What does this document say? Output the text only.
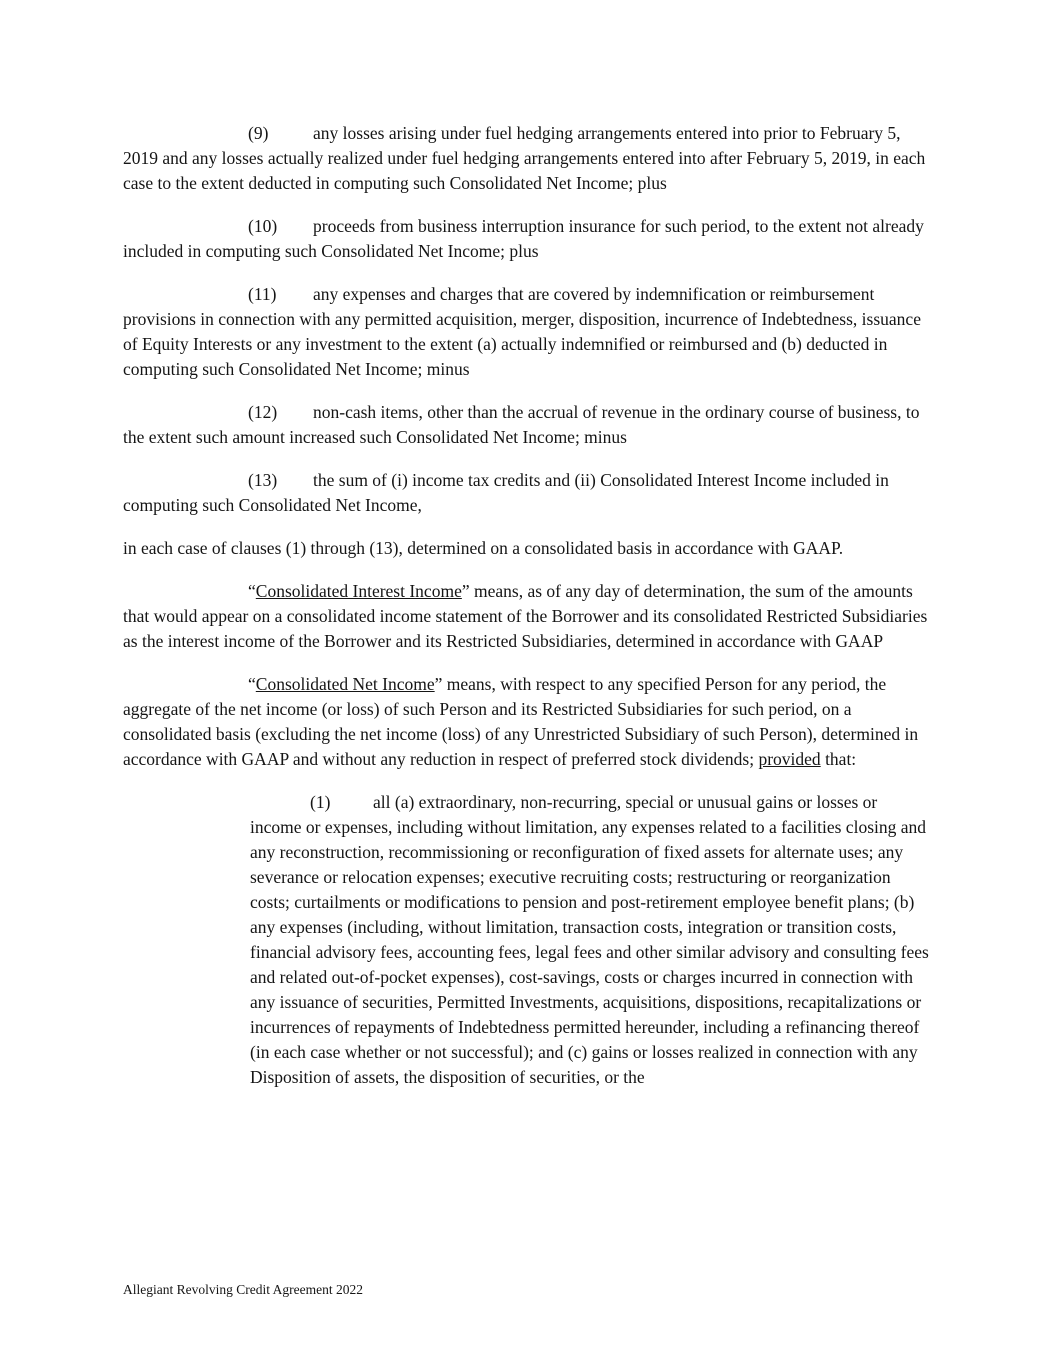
(9)	any losses arising under fuel hedging arrangements entered into prior to February 5, 2019 and any losses actually realized under fuel hedging arrangements entered into after February 5, 2019, in each case to the extent deducted in computing such Consolidated Net Income; plus

(10) proceeds from business interruption insurance for such period, to the extent not already included in computing such Consolidated Net Income; plus

(11) any expenses and charges that are covered by indemnification or reimbursement provisions in connection with any permitted acquisition, merger, disposition, incurrence of Indebtedness, issuance of Equity Interests or any investment to the extent (a) actually indemnified or reimbursed and (b) deducted in computing such Consolidated Net Income; minus

(12) non-cash items, other than the accrual of revenue in the ordinary course of business, to the extent such amount increased such Consolidated Net Income; minus

(13) the sum of (i) income tax credits and (ii) Consolidated Interest Income included in computing such Consolidated Net Income,

in each case of clauses (1) through (13), determined on a consolidated basis in accordance with GAAP.

“Consolidated Interest Income” means, as of any day of determination, the sum of the amounts that would appear on a consolidated income statement of the Borrower and its consolidated Restricted Subsidiaries as the interest income of the Borrower and its Restricted Subsidiaries, determined in accordance with GAAP

“Consolidated Net Income” means, with respect to any specified Person for any period, the aggregate of the net income (or loss) of such Person and its Restricted Subsidiaries for such period, on a consolidated basis (excluding the net income (loss) of any Unrestricted Subsidiary of such Person), determined in accordance with GAAP and without any reduction in respect of preferred stock dividends; provided that:

(1) all (a) extraordinary, non-recurring, special or unusual gains or losses or income or expenses, including without limitation, any expenses related to a facilities closing and any reconstruction, recommissioning or reconfiguration of fixed assets for alternate uses; any severance or relocation expenses; executive recruiting costs; restructuring or reorganization costs; curtailments or modifications to pension and post-retirement employee benefit plans; (b) any expenses (including, without limitation, transaction costs, integration or transition costs, financial advisory fees, accounting fees, legal fees and other similar advisory and consulting fees and related out-of-pocket expenses), cost-savings, costs or charges incurred in connection with any issuance of securities, Permitted Investments, acquisitions, dispositions, recapitalizations or incurrences of repayments of Indebtedness permitted hereunder, including a refinancing thereof (in each case whether or not successful); and (c) gains or losses realized in connection with any Disposition of assets, the disposition of securities, or the

Allegiant Revolving Credit Agreement 2022
